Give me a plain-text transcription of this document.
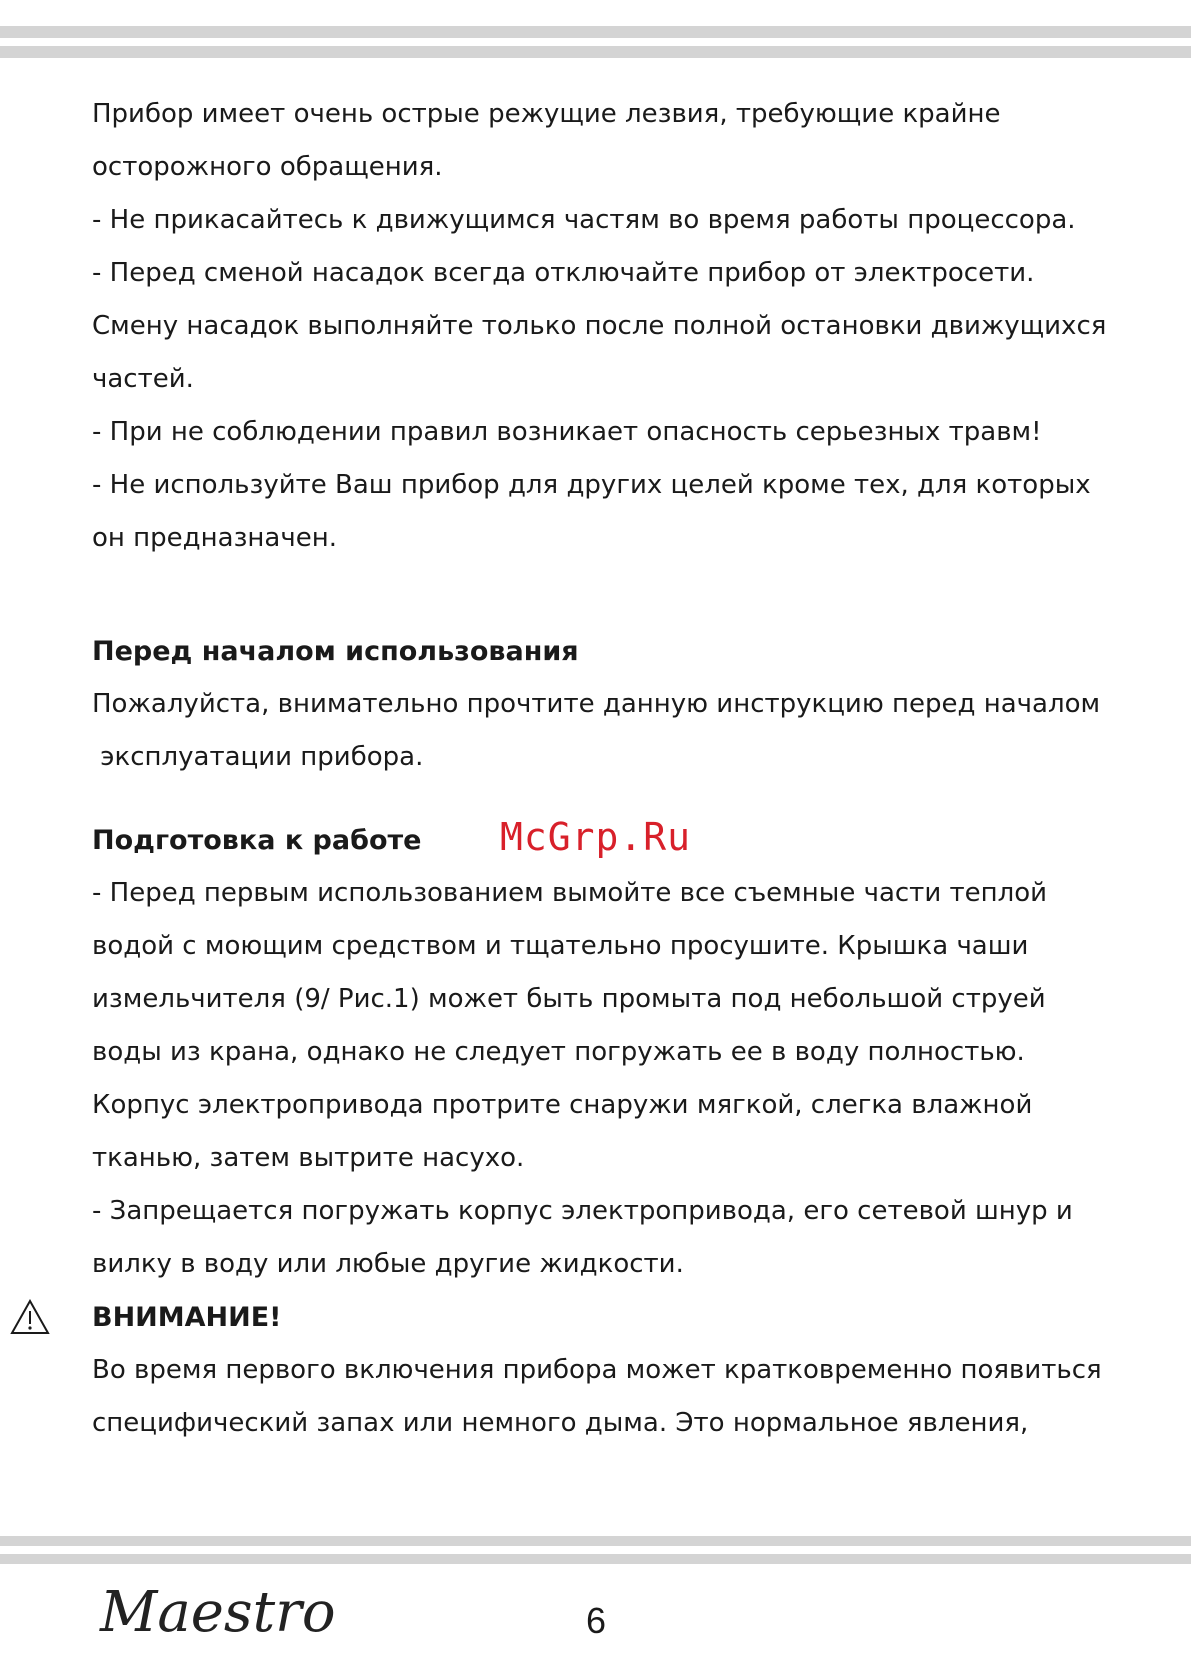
Прибор имеет очень острые режущие лезвия, требующие крайне

осторожного обращения.

- Не прикасайтесь к движущимся частям во время работы процессора.

- Перед сменой насадок всегда отключайте прибор от электросети.

Смену насадок выполняйте только после полной остановки движущихся

частей.

- При не соблюдении правил возникает опасность серьезных травм!

- Не используйте Ваш прибор для других целей кроме тех, для которых

он предназначен.

Перед началом использования

Пожалуйста, внимательно прочтите данную инструкцию перед началом

эксплуатации прибора.

Подготовка к работе

- Перед первым использованием вымойте все съемные части теплой

водой с моющим средством и тщательно просушите. Крышка чаши

измельчителя (9/ Рис.1) может быть промыта под небольшой струей

воды из крана, однако не следует погружать ее в воду полностью.

Корпус электропривода протрите снаружи мягкой, слегка влажной

тканью, затем вытрите насухо.

- Запрещается погружать корпус электропривода, его сетевой шнур и

вилку в воду или любые другие жидкости.

ВНИМАНИЕ!

Во время первого включения прибора может кратковременно появиться

специфический запах или немного дыма. Это нормальное явления,

McGrp.Ru
Maestro	6
